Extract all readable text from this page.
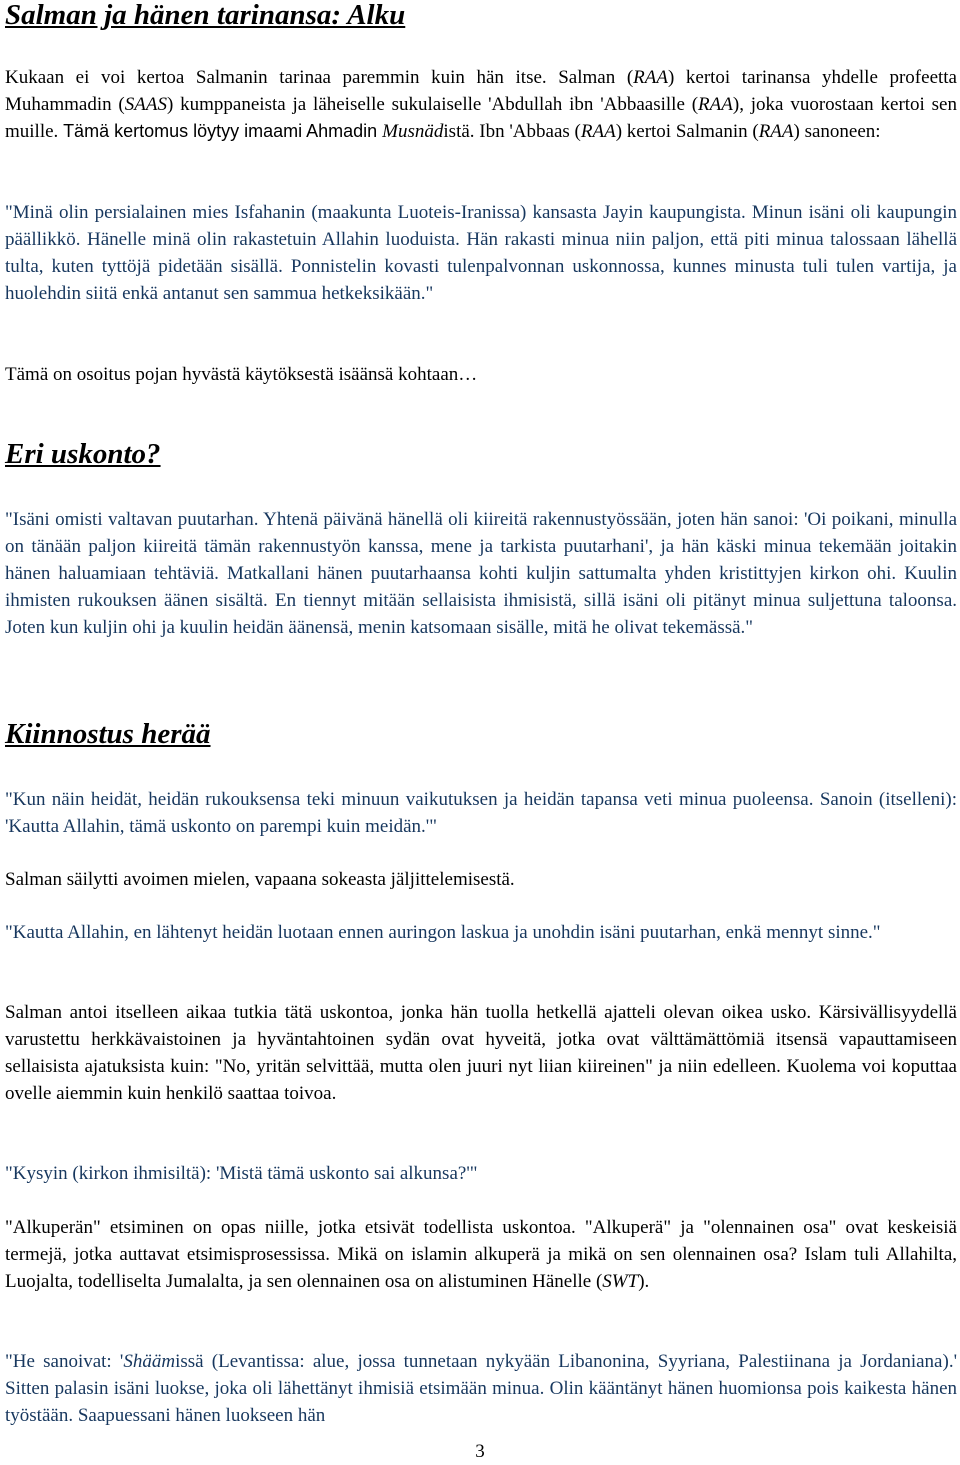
Salman ja hänen tarinansa: Alku

Kukaan ei voi kertoa Salmanin tarinaa paremmin kuin hän itse. Salman (RAA) kertoi tarinansa yhdelle profeetta Muhammadin (SAAS) kumppaneista ja läheiselle sukulaiselle 'Abdullah ibn 'Abbaasille (RAA), joka vuorostaan kertoi sen muille. Tämä kertomus löytyy imaami Ahmadin Musnädistä. Ibn 'Abbaas (RAA) kertoi Salmanin (RAA) sanoneen:

"Minä olin persialainen mies Isfahanin (maakunta Luoteis-Iranissa) kansasta Jayin kaupungista. Minun isäni oli kaupungin päällikkö. Hänelle minä olin rakastetuin Allahin luoduista. Hän rakasti minua niin paljon, että piti minua talossaan lähellä tulta, kuten tyttöjä pidetään sisällä. Ponnistelin kovasti tulenpalvonnan uskonnossa, kunnes minusta tuli tulen vartija, ja huolehdin siitä enkä antanut sen sammua hetkeksikään."

Tämä on osoitus pojan hyvästä käytöksestä isäänsä kohtaan…

Eri uskonto?

"Isäni omisti valtavan puutarhan. Yhtenä päivänä hänellä oli kiireitä rakennustyössään, joten hän sanoi: 'Oi poikani, minulla on tänään paljon kiireitä tämän rakennustyön kanssa, mene ja tarkista puutarhani', ja hän käski minua tekemään joitakin hänen haluamiaan tehtäviä. Matkallani hänen puutarhaansa kohti kuljin sattumalta yhden kristittyjen kirkon ohi. Kuulin ihmisten rukouksen äänen sisältä. En tiennyt mitään sellaisista ihmisistä, sillä isäni oli pitänyt minua suljettuna taloonsa. Joten kun kuljin ohi ja kuulin heidän äänensä, menin katsomaan sisälle, mitä he olivat tekemässä."

Kiinnostus herää

"Kun näin heidät, heidän rukouksensa teki minuun vaikutuksen ja heidän tapansa veti minua puoleensa. Sanoin (itselleni): 'Kautta Allahin, tämä uskonto on parempi kuin meidän.'"

Salman säilytti avoimen mielen, vapaana sokeasta jäljittelemisestä.

"Kautta Allahin, en lähtenyt heidän luotaan ennen auringon laskua ja unohdin isäni puutarhan, enkä mennyt sinne."

Salman antoi itselleen aikaa tutkia tätä uskontoa, jonka hän tuolla hetkellä ajatteli olevan oikea usko. Kärsivällisyydellä varustettu herkkävaistoinen ja hyväntahtoinen sydän ovat hyveitä, jotka ovat välttämättömiä itsensä vapauttamiseen sellaisista ajatuksista kuin: "No, yritän selvittää, mutta olen juuri nyt liian kiireinen" ja niin edelleen. Kuolema voi koputtaa ovelle aiemmin kuin henkilö saattaa toivoa.

"Kysyin (kirkon ihmisiltä): 'Mistä tämä uskonto sai alkunsa?'"

"Alkuperän" etsiminen on opas niille, jotka etsivät todellista uskontoa. "Alkuperä" ja "olennainen osa" ovat keskeisiä termejä, jotka auttavat etsimisprosessissa. Mikä on islamin alkuperä ja mikä on sen olennainen osa? Islam tuli Allahilta, Luojalta, todelliselta Jumalalta, ja sen olennainen osa on alistuminen Hänelle (SWT).

"He sanoivat: 'Shäämissä (Levantissa: alue, jossa tunnetaan nykyään Libanonina, Syyriana, Palestiinana ja Jordaniana).' Sitten palasin isäni luokse, joka oli lähettänyt ihmisiä etsimään minua. Olin kääntänyt hänen huomionsa pois kaikesta hänen työstään. Saapuessani hänen luokseen hän

3
